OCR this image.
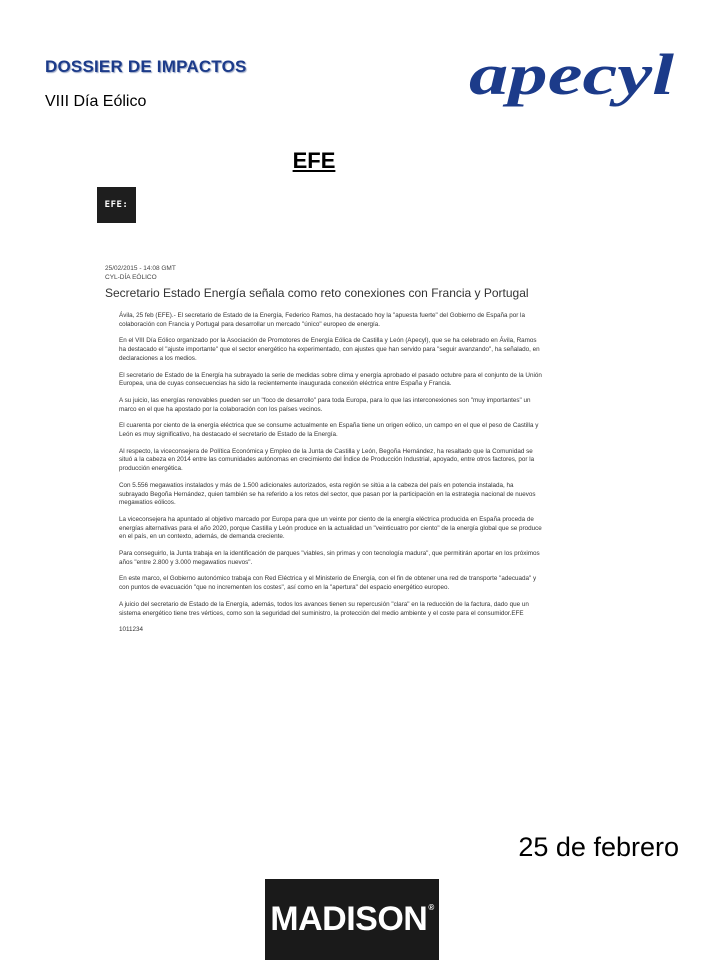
DOSSIER DE IMPACTOS
VIII Día Eólico	apecyl
EFE
EFE:
25/02/2015 - 14:08 GMT
CYL-DÍA EÓLICO
Secretario Estado Energía señala como reto conexiones con Francia y Portugal

Ávila, 25 feb (EFE).- El secretario de Estado de la Energía, Federico Ramos, ha destacado hoy la "apuesta fuerte" del Gobierno de España por la colaboración con Francia y Portugal para desarrollar un mercado "único" europeo de energía.

En el VIII Día Eólico organizado por la Asociación de Promotores de Energía Eólica de Castilla y León (Apecyl), que se ha celebrado en Ávila, Ramos ha destacado el "ajuste importante" que el sector energético ha experimentado, con ajustes que han servido para "seguir avanzando", ha señalado, en declaraciones a los medios.

El secretario de Estado de la Energía ha subrayado la serie de medidas sobre clima y energía aprobado el pasado octubre para el conjunto de la Unión Europea, una de cuyas consecuencias ha sido la recientemente inaugurada conexión eléctrica entre España y Francia.

A su juicio, las energías renovables pueden ser un "foco de desarrollo" para toda Europa, para lo que las interconexiones son "muy importantes" un marco en el que ha apostado por la colaboración con los países vecinos.

El cuarenta por ciento de la energía eléctrica que se consume actualmente en España tiene un origen eólico, un campo en el que el peso de Castilla y León es muy significativo, ha destacado el secretario de Estado de la Energía.

Al respecto, la viceconsejera de Política Económica y Empleo de la Junta de Castilla y León, Begoña Hernández, ha resaltado que la Comunidad se situó a la cabeza en 2014 entre las comunidades autónomas en crecimiento del Índice de Producción Industrial, apoyado, entre otros factores, por la producción energética.

Con 5.556 megawatios instalados y más de 1.500 adicionales autorizados, esta región se sitúa a la cabeza del país en potencia instalada, ha subrayado Begoña Hernández, quien también se ha referido a los retos del sector, que pasan por la participación en la estrategia nacional de nuevos megawatios eólicos.

La viceconsejera ha apuntado al objetivo marcado por Europa para que un veinte por ciento de la energía eléctrica producida en España proceda de energías alternativas para el año 2020, porque Castilla y León produce en la actualidad un "veinticuatro por ciento" de la energía global que se produce en el país, en un contexto, además, de demanda creciente.

Para conseguirlo, la Junta trabaja en la identificación de parques "viables, sin primas y con tecnología madura", que permitirán aportar en los próximos años "entre 2.800 y 3.000 megawatios nuevos".

En este marco, el Gobierno autonómico trabaja con Red Eléctrica y el Ministerio de Energía, con el fin de obtener una red de transporte "adecuada" y con puntos de evacuación "que no incrementen los costes", así como en la "apertura" del espacio energético europeo.

A juicio del secretario de Estado de la Energía, además, todos los avances tienen su repercusión "clara" en la reducción de la factura, dado que un sistema energético tiene tres vértices, como son la seguridad del suministro, la protección del medio ambiente y el coste para el consumidor.EFE

1011234
25 de febrero
MADISON ®
